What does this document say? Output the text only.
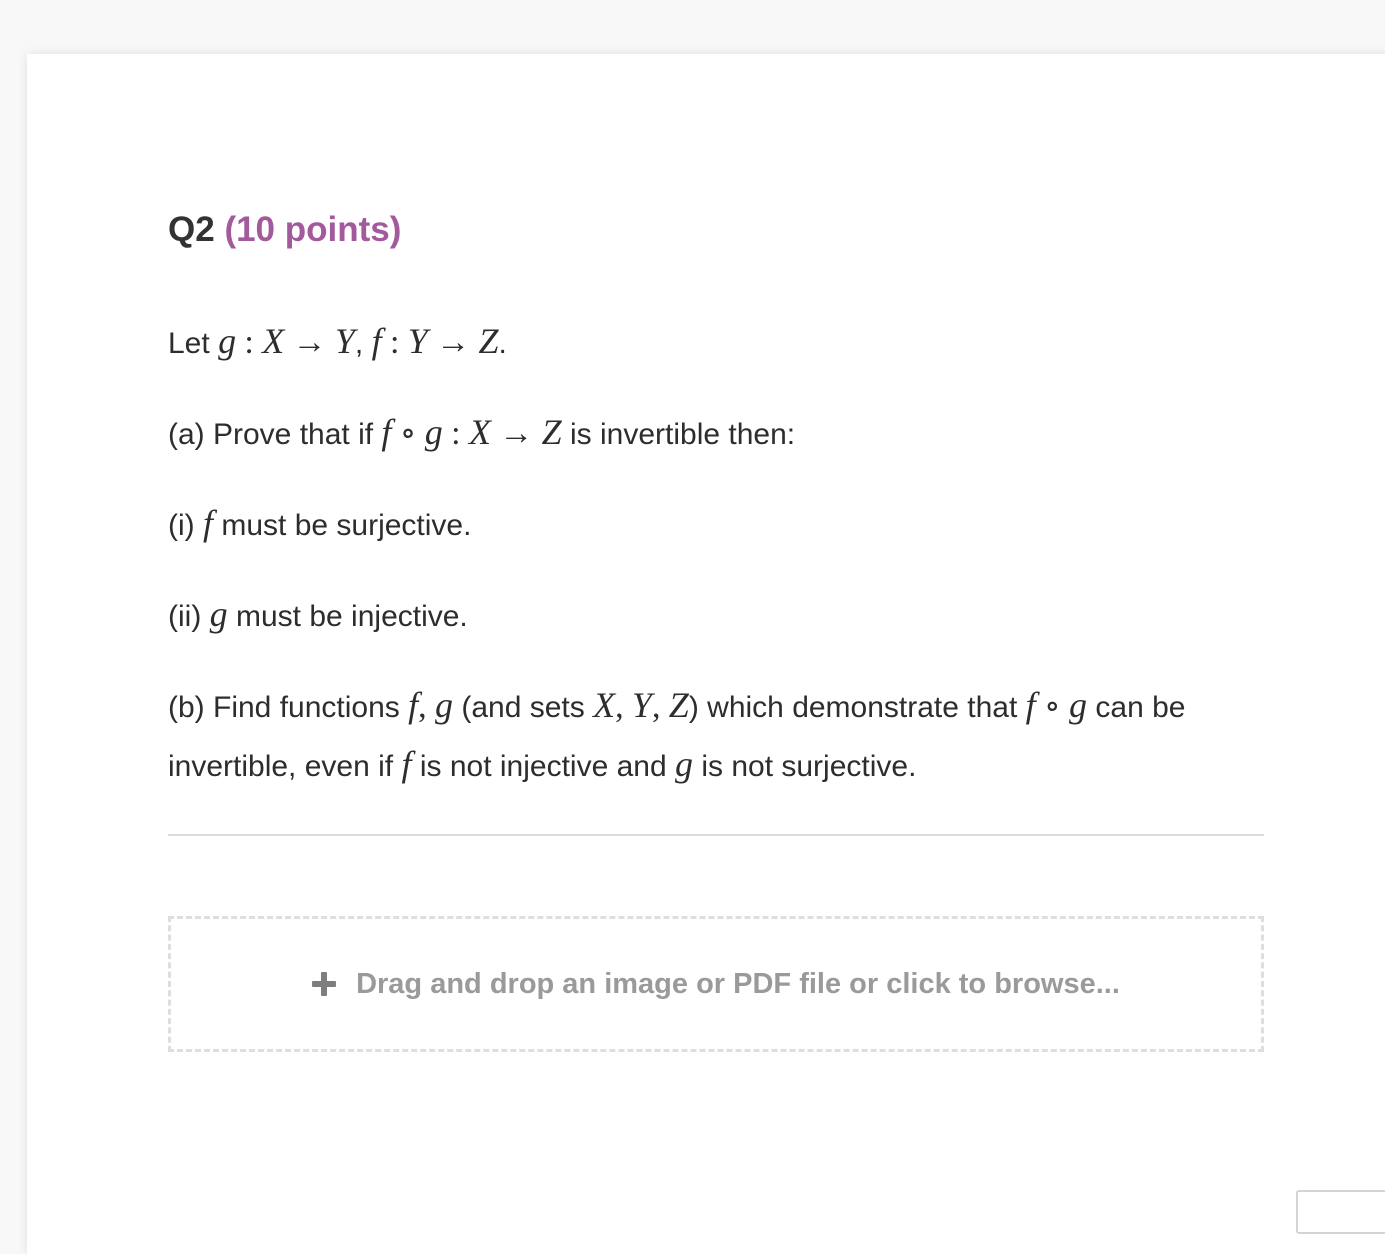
Q2 (10 points)

Let g : X → Y, f : Y → Z.

(a) Prove that if f ∘ g : X → Z is invertible then:

(i) f must be surjective.

(ii) g must be injective.

(b) Find functions f, g (and sets X, Y, Z) which demonstrate that f ∘ g can be invertible, even if f is not injective and g is not surjective.

Drag and drop an image or PDF file or click to browse...
